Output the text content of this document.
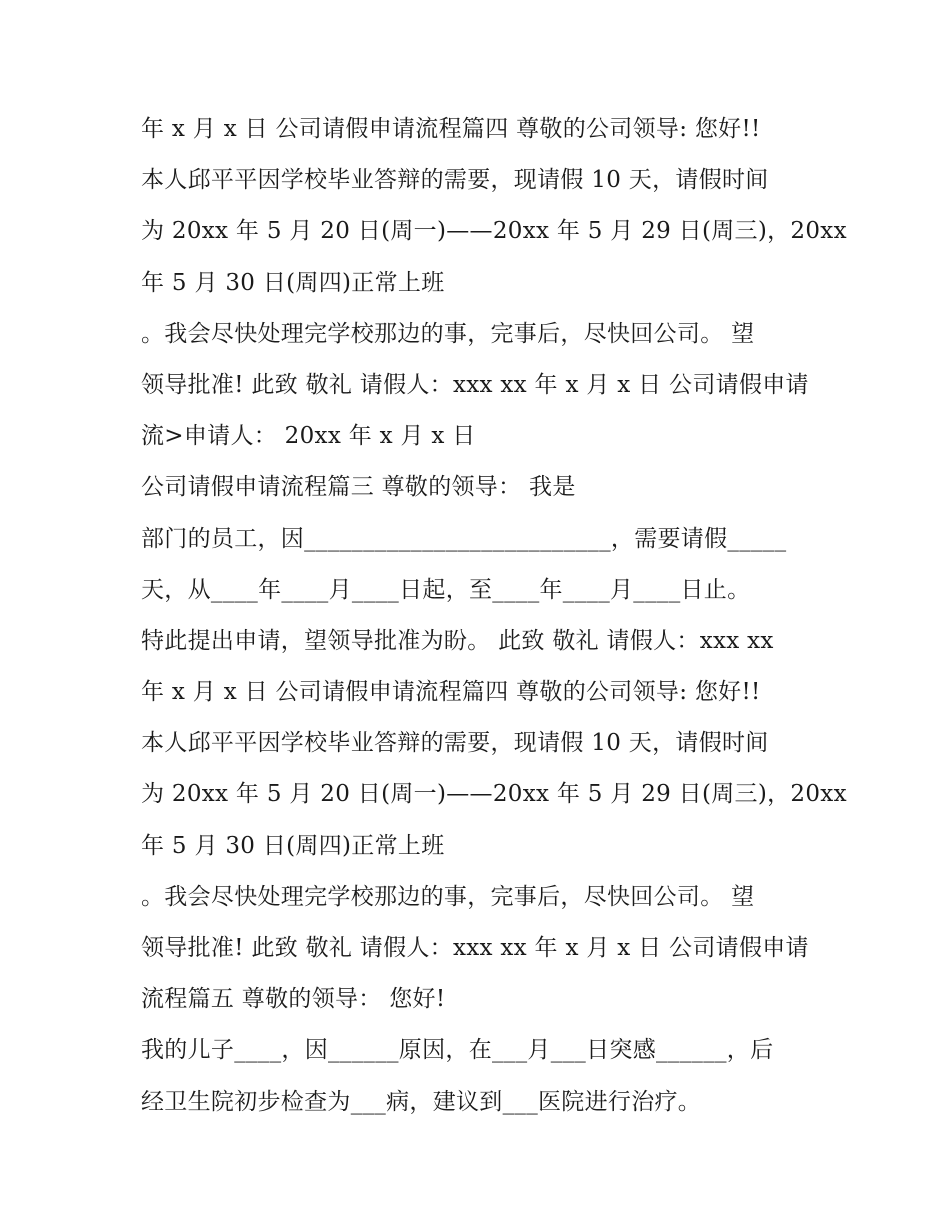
年 x 月 x 日 公司请假申请流程篇四 尊敬的公司领导: 您好!!
本人邱平平因学校毕业答辩的需要，现请假 10 天，请假时间
为 20xx 年 5 月 20 日(周一)——20xx 年 5 月 29 日(周三)，20xx
年 5 月 30 日(周四)正常上班
。我会尽快处理完学校那边的事，完事后，尽快回公司。 望
领导批准! 此致 敬礼 请假人：xxx xx 年 x 月 x 日 公司请假申请
流>申请人： 20xx 年 x 月 x 日
公司请假申请流程篇三 尊敬的领导： 我是
部门的员工，因__________________________，需要请假_____
天，从____年____月____日起，至____年____月____日止。
特此提出申请，望领导批准为盼。 此致 敬礼 请假人：xxx xx
年 x 月 x 日 公司请假申请流程篇四 尊敬的公司领导: 您好!!
本人邱平平因学校毕业答辩的需要，现请假 10 天，请假时间
为 20xx 年 5 月 20 日(周一)——20xx 年 5 月 29 日(周三)，20xx
年 5 月 30 日(周四)正常上班
。我会尽快处理完学校那边的事，完事后，尽快回公司。 望
领导批准! 此致 敬礼 请假人：xxx xx 年 x 月 x 日 公司请假申请
流程篇五 尊敬的领导： 您好!
我的儿子____，因______原因，在___月___日突感______，后
经卫生院初步检查为___病，建议到___医院进行治疗。
